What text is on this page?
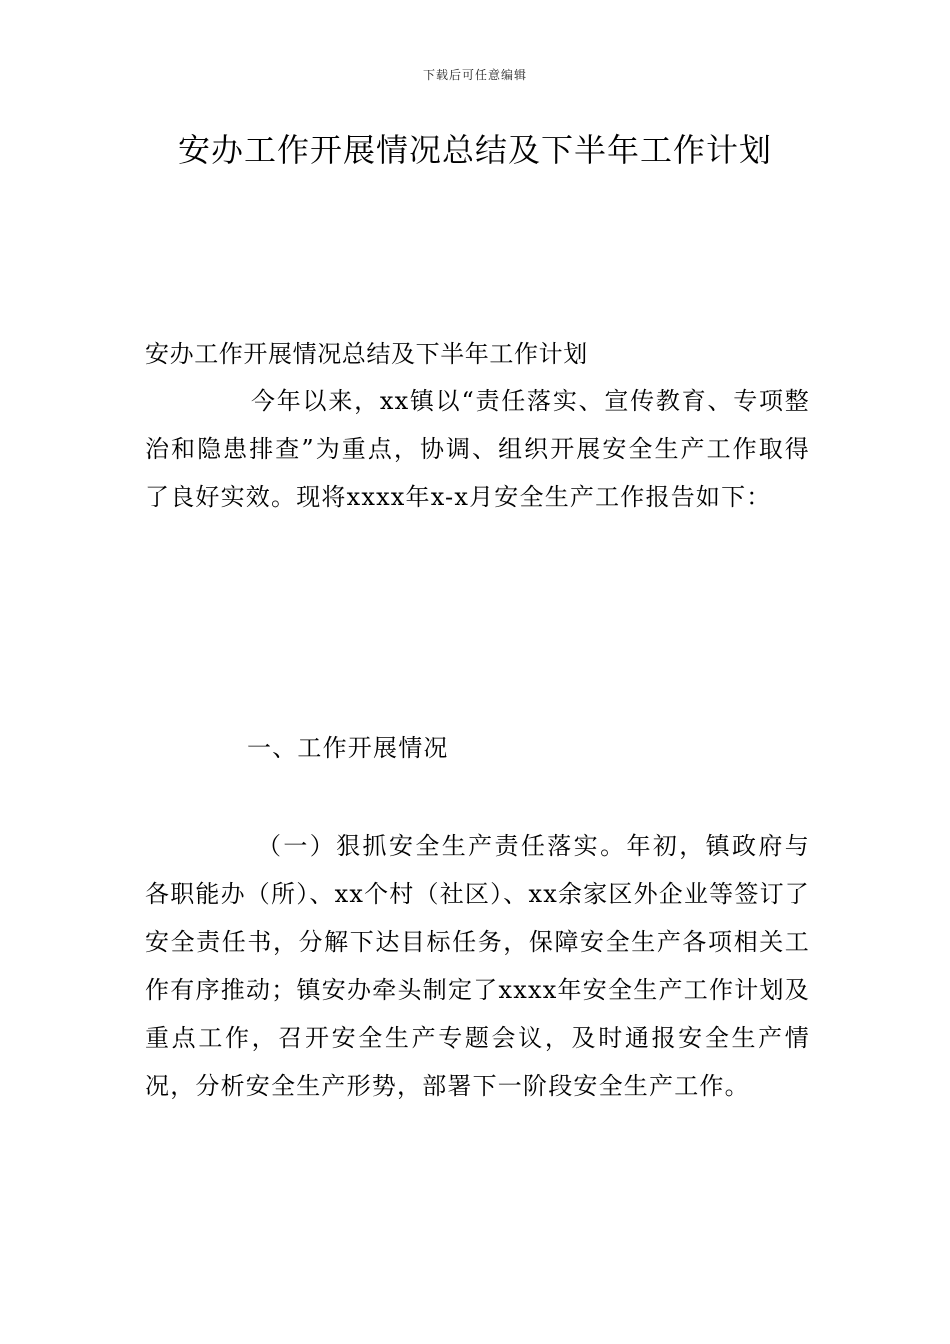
下载后可任意编辑
安办工作开展情况总结及下半年工作计划

安办工作开展情况总结及下半年工作计划

今年以来，xx镇以“责任落实、宣传教育、专项整治和隐患排查”为重点，协调、组织开展安全生产工作取得了良好实效。现将xxxx年x-x月安全生产工作报告如下：

一、工作开展情况

（一）狠抓安全生产责任落实。年初，镇政府与各职能办（所）、xx个村（社区）、xx余家区外企业等签订了安全责任书，分解下达目标任务，保障安全生产各项相关工作有序推动；镇安办牵头制定了xxxx年安全生产工作计划及重点工作，召开安全生产专题会议，及时通报安全生产情况，分析安全生产形势，部署下一阶段安全生产工作。
